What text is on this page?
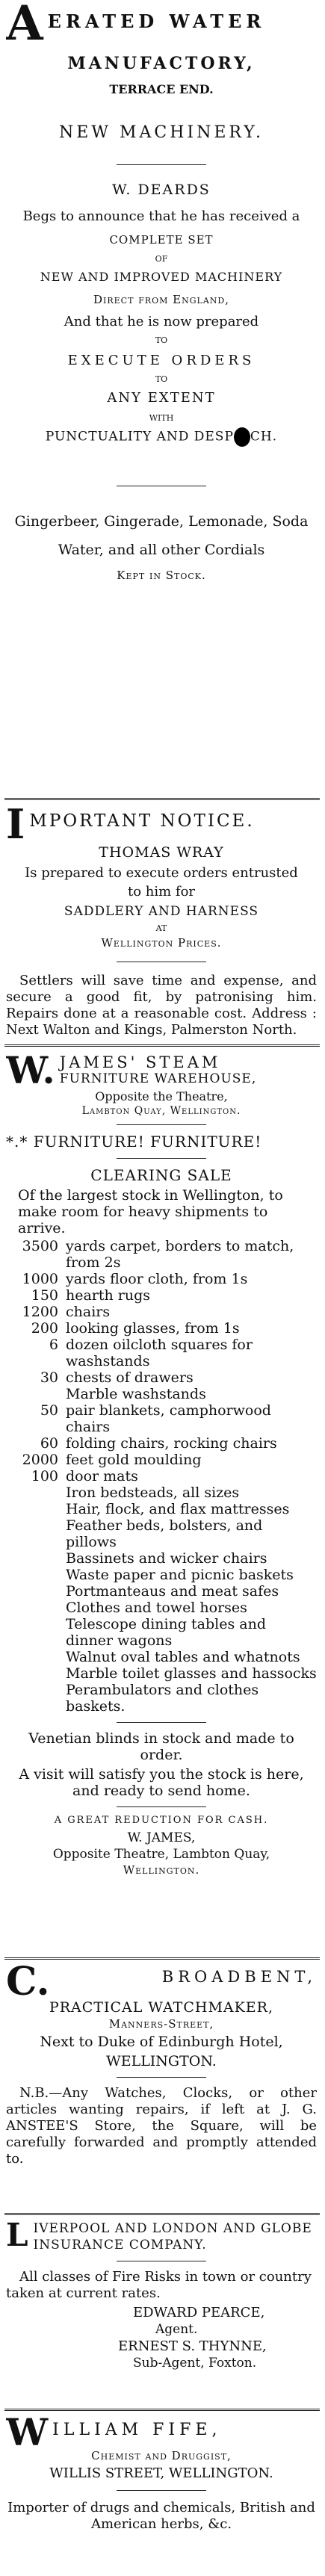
A ERATED WATER
MANUFACTORY,
TERRACE END.
NEW MACHINERY.
W. DEARDS
Begs to announce that he has received a
COMPLETE SET
OF
NEW AND IMPROVED MACHINERY
Direct from England,
And that he is now prepared
TO
EXECUTE ORDERS
TO
ANY EXTENT
WITH
PUNCTUALITY AND DESP CH.
Gingerbeer, Gingerade, Lemonade, Soda
Water, and all other Cordials
Kept in Stock.
I MPORTANT NOTICE.
THOMAS WRAY
Is prepared to execute orders entrusted
to him for
SADDLERY AND HARNESS
AT
Wellington Prices.
Settlers will save time and expense, and secure a good fit, by patronising him. Repairs done at a reasonable cost. Address : Next Walton and Kings, Palmerston North.
W. JAMES' STEAM
FURNITURE WAREHOUSE,
Opposite the Theatre,
Lambton Quay, Wellington.
*.* FURNITURE! FURNITURE!
CLEARING SALE
Of the largest stock in Wellington, to make room for heavy shipments to arrive.
3500 yards carpet, borders to match, from 2s
1000 yards floor cloth, from 1s
150 hearth rugs
1200 chairs
200 looking glasses, from 1s
6 dozen oilcloth squares for washstands
30 chests of drawers
Marble washstands
50 pair blankets, camphorwood chairs
60 folding chairs, rocking chairs
2000 feet gold moulding
100 door mats
Iron bedsteads, all sizes
Hair, flock, and flax mattresses
Feather beds, bolsters, and pillows
Bassinets and wicker chairs
Waste paper and picnic baskets
Portmanteaus and meat safes
Clothes and towel horses
Telescope dining tables and dinner wagons
Walnut oval tables and whatnots
Marble toilet glasses and hassocks
Perambulators and clothes baskets.
Venetian blinds in stock and made to order.
A visit will satisfy you the stock is here, and ready to send home.
A GREAT REDUCTION FOR CASH.
W. JAMES,
Opposite Theatre, Lambton Quay,
Wellington.
C.	BROADBENT,
PRACTICAL WATCHMAKER,
Manners-Street,
Next to Duke of Edinburgh Hotel,
WELLINGTON.
N.B.—Any Watches, Clocks, or other articles wanting repairs, if left at J. G. ANSTEE'S Store, the Square, will be carefully forwarded and promptly attended to.
L IVERPOOL AND LONDON AND GLOBE INSURANCE COMPANY.
All classes of Fire Risks in town or country taken at current rates.
EDWARD PEARCE,
Agent.
ERNEST S. THYNNE,
Sub-Agent, Foxton.
W ILLIAM FIFE,
Chemist and Druggist,
WILLIS STREET, WELLINGTON.
Importer of drugs and chemicals, British and American herbs, &c.
